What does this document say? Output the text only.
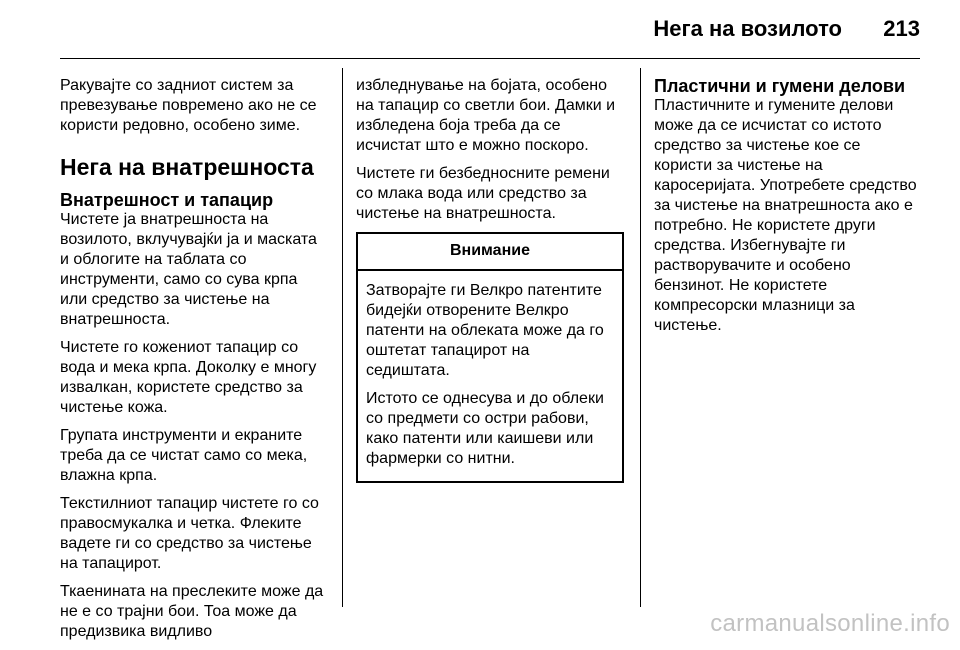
Нега на возилото 213

Ракувајте со задниот систем за превезување повремено ако не се користи редовно, особено зиме.

Нега на внатрешноста
Внатрешност и тапацир

Чистете ја внатрешноста на возилото, вклучувајќи ја и маската и облогите на таблата со инструменти, само со сува крпа или средство за чистење на внатрешноста.

Чистете го кожениот тапацир со вода и мека крпа. Доколку е многу извалкан, користете средство за чистење кожа.

Групата инструменти и екраните треба да се чистат само со мека, влажна крпа.

Текстилниот тапацир чистете го со правосмукалка и четка. Флеките вадете ги со средство за чистење на тапацирот.

Ткаенината на преслеките може да не е со трајни бои. Тоа може да предизвика видливо

избледнување на бојата, особено на тапацир со светли бои. Дамки и избледена боја треба да се исчистат што е можно поскоро.

Чистете ги безбедносните ремени со млака вода или средство за чистење на внатрешноста.

Внимание

Затворајте ги Велкро патентите бидејќи отворените Велкро патенти на облеката може да го оштетат тапацирот на седиштата.

Истото се однесува и до облеки со предмети со остри рабови, како патенти или каишеви или фармерки со нитни.

Пластични и гумени делови

Пластичните и гумените делови може да се исчистат со истото средство за чистење кое се користи за чистење на каросеријата. Употребете средство за чистење на внатрешноста ако е потребно. Не користете други средства. Избегнувајте ги растворувачите и особено бензинот. Не користете компресорски млазници за чистење.

carmanualsonline.info
